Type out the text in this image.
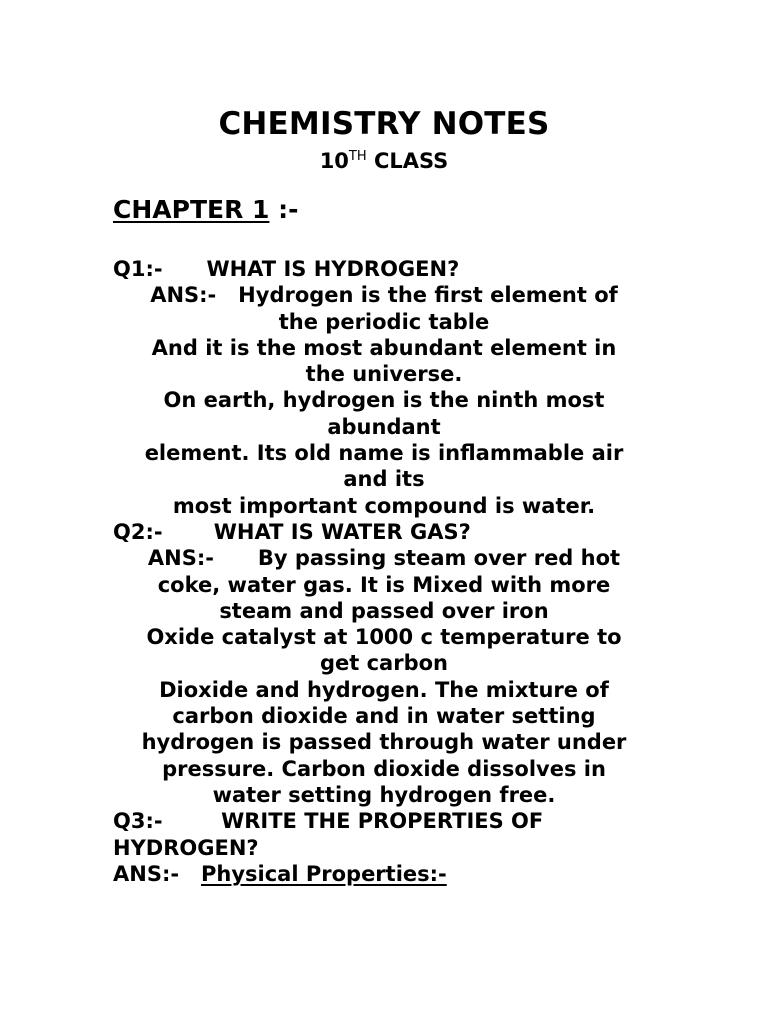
CHEMISTRY NOTES
10TH CLASS
CHAPTER 1 :-
Q1:-      WHAT IS HYDROGEN?
ANS:-   Hydrogen is the first element of
the periodic table
And it is the most abundant element in
the universe.
On earth, hydrogen is the ninth most
abundant
element. Its old name is inflammable air
and its
most important compound is water.
Q2:-       WHAT IS WATER GAS?
ANS:-      By passing steam over red hot
coke, water gas. It is Mixed with more
steam and passed over iron
Oxide catalyst at 1000 c temperature to
get carbon
Dioxide and hydrogen. The mixture of
carbon dioxide and in water setting
hydrogen is passed through water under
pressure. Carbon dioxide dissolves in
water setting hydrogen free.
Q3:-        WRITE THE PROPERTIES OF
HYDROGEN?
ANS:-   Physical Properties:-
